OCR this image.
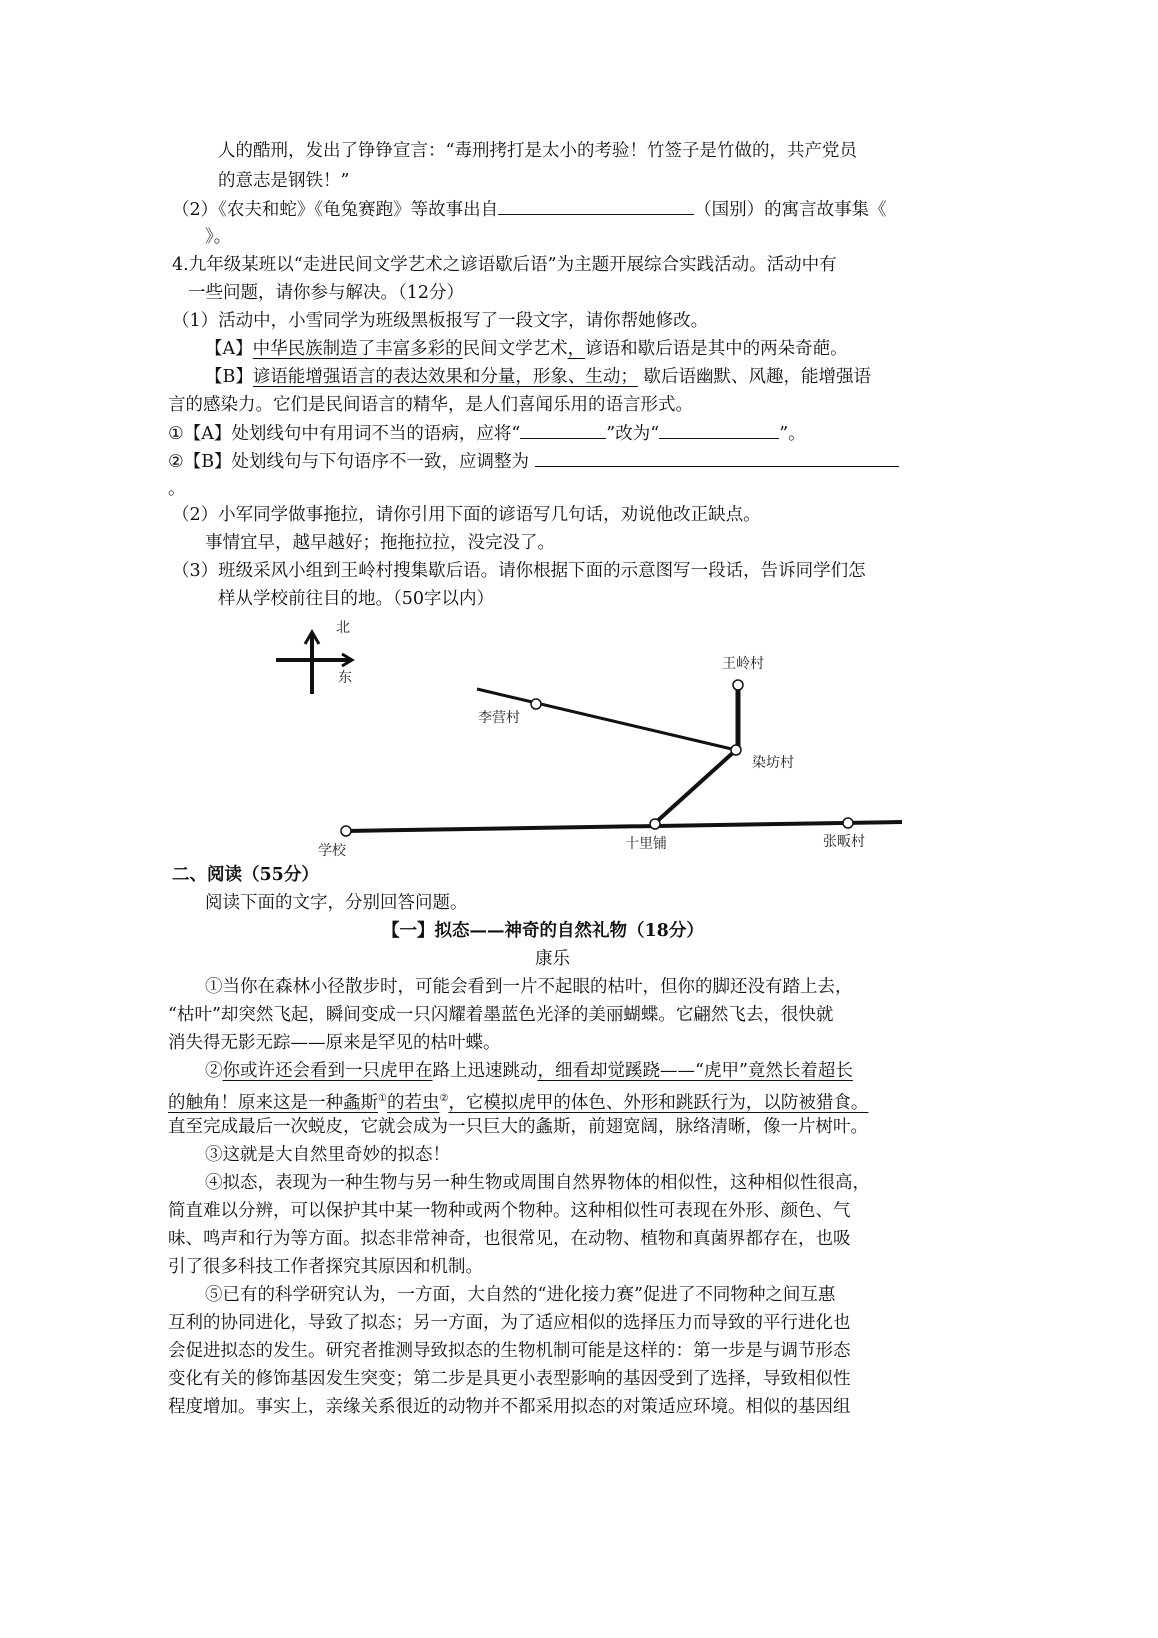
人的酷刑，发出了铮铮宣言：“毒刑拷打是太小的考验！竹签子是竹做的，共产党员
的意志是钢铁！”
（2）《农夫和蛇》《龟兔赛跑》等故事出自	（国别）的寓言故事集《
》。
4.九年级某班以“走进民间文学艺术之谚语歇后语”为主题开展综合实践活动。活动中有
一些问题，请你参与解决。（12分）
（1）活动中，小雪同学为班级黑板报写了一段文字，请你帮她修改。
【A】中华民族制造了丰富多彩的民间文学艺术，谚语和歇后语是其中的两朵奇葩。
【B】谚语能增强语言的表达效果和分量，形象、生动； 歇后语幽默、风趣，能增强语
言的感染力。它们是民间语言的精华，是人们喜闻乐用的语言形式。
①【A】处划线句中有用词不当的语病，应将“	”改为“	”。
②【B】处划线句与下句语序不一致，应调整为
。
（2）小军同学做事拖拉，请你引用下面的谚语写几句话，劝说他改正缺点。
事情宜早，越早越好；拖拖拉拉，没完没了。
（3）班级采风小组到王岭村搜集歇后语。请你根据下面的示意图写一段话，告诉同学们怎
样从学校前往目的地。（50字以内）
北
东
王岭村
李营村
染坊村
学校	十里铺	张畈村
二、阅读（55分）
阅读下面的文字，分别回答问题。
【一】拟态——神奇的自然礼物（18分）
康乐
①当你在森林小径散步时，可能会看到一片不起眼的枯叶，但你的脚还没有踏上去，
“枯叶”却突然飞起，瞬间变成一只闪耀着墨蓝色光泽的美丽蝴蝶。它翩然飞去，很快就
消失得无影无踪——原来是罕见的枯叶蝶。
②你或许还会看到一只虎甲在路上迅速跳动，细看却觉蹊跷——“虎甲”竟然长着超长
的触角！原来这是一种螽斯①的若虫②，它模拟虎甲的体色、外形和跳跃行为，以防被猎食。
直至完成最后一次蜕皮，它就会成为一只巨大的螽斯，前翅宽阔，脉络清晰，像一片树叶。
③这就是大自然里奇妙的拟态！
④拟态，表现为一种生物与另一种生物或周围自然界物体的相似性，这种相似性很高，
简直难以分辨，可以保护其中某一物种或两个物种。这种相似性可表现在外形、颜色、气
味、鸣声和行为等方面。拟态非常神奇，也很常见，在动物、植物和真菌界都存在，也吸
引了很多科技工作者探究其原因和机制。
⑤已有的科学研究认为，一方面，大自然的“进化接力赛”促进了不同物种之间互惠
互利的协同进化，导致了拟态；另一方面，为了适应相似的选择压力而导致的平行进化也
会促进拟态的发生。研究者推测导致拟态的生物机制可能是这样的：第一步是与调节形态
变化有关的修饰基因发生突变；第二步是具更小表型影响的基因受到了选择，导致相似性
程度增加。事实上，亲缘关系很近的动物并不都采用拟态的对策适应环境。相似的基因组
